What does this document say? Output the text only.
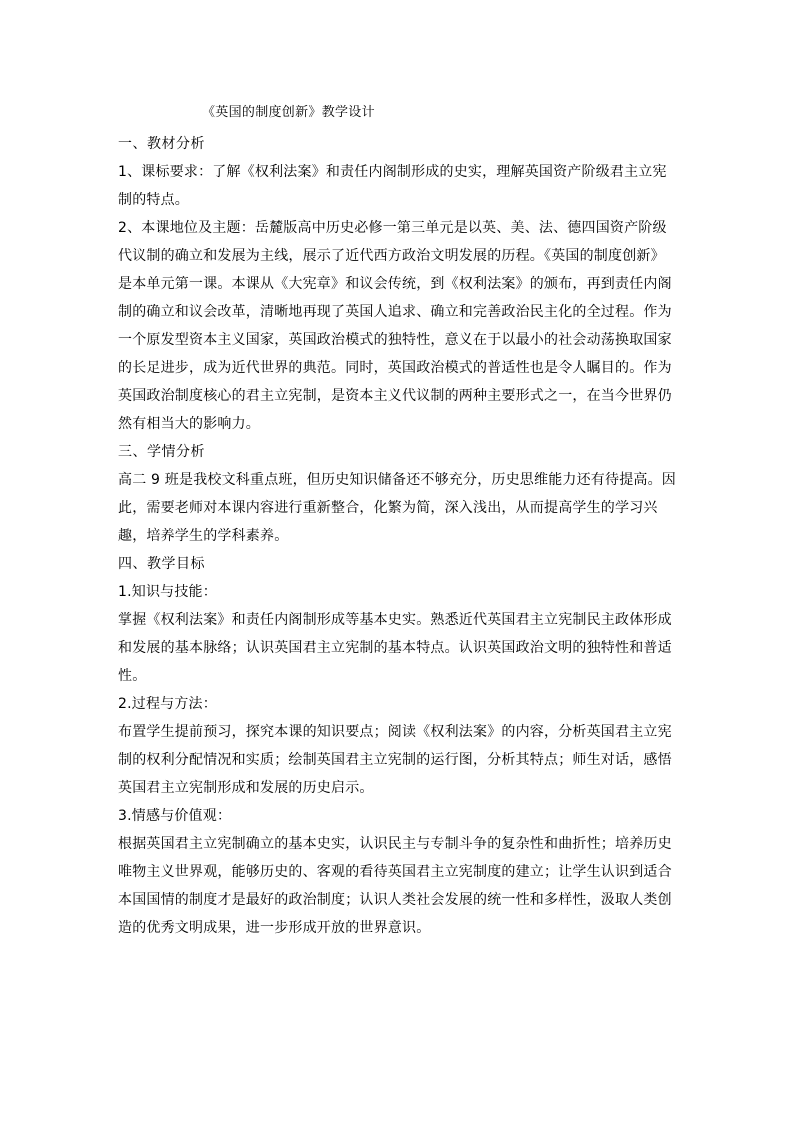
《英国的制度创新》教学设计
一、教材分析
1、课标要求：了解《权利法案》和责任内阁制形成的史实，理解英国资产阶级君主立宪
制的特点。
2、本课地位及主题：岳麓版高中历史必修一第三单元是以英、美、法、德四国资产阶级
代议制的确立和发展为主线，展示了近代西方政治文明发展的历程。《英国的制度创新》
是本单元第一课。本课从《大宪章》和议会传统，到《权利法案》的颁布，再到责任内阁
制的确立和议会改革，清晰地再现了英国人追求、确立和完善政治民主化的全过程。作为
一个原发型资本主义国家，英国政治模式的独特性，意义在于以最小的社会动荡换取国家
的长足进步，成为近代世界的典范。同时，英国政治模式的普适性也是令人瞩目的。作为
英国政治制度核心的君主立宪制，是资本主义代议制的两种主要形式之一，在当今世界仍
然有相当大的影响力。
三、学情分析
高二 9 班是我校文科重点班，但历史知识储备还不够充分，历史思维能力还有待提高。因
此，需要老师对本课内容进行重新整合，化繁为简，深入浅出，从而提高学生的学习兴
趣，培养学生的学科素养。
四、教学目标
1.知识与技能：
掌握《权利法案》和责任内阁制形成等基本史实。熟悉近代英国君主立宪制民主政体形成
和发展的基本脉络；认识英国君主立宪制的基本特点。认识英国政治文明的独特性和普适
性。
2.过程与方法：
布置学生提前预习，探究本课的知识要点；阅读《权利法案》的内容，分析英国君主立宪
制的权利分配情况和实质；绘制英国君主立宪制的运行图，分析其特点；师生对话，感悟
英国君主立宪制形成和发展的历史启示。
3.情感与价值观：
根据英国君主立宪制确立的基本史实，认识民主与专制斗争的复杂性和曲折性；培养历史
唯物主义世界观，能够历史的、客观的看待英国君主立宪制度的建立；让学生认识到适合
本国国情的制度才是最好的政治制度；认识人类社会发展的统一性和多样性，汲取人类创
造的优秀文明成果，进一步形成开放的世界意识。
